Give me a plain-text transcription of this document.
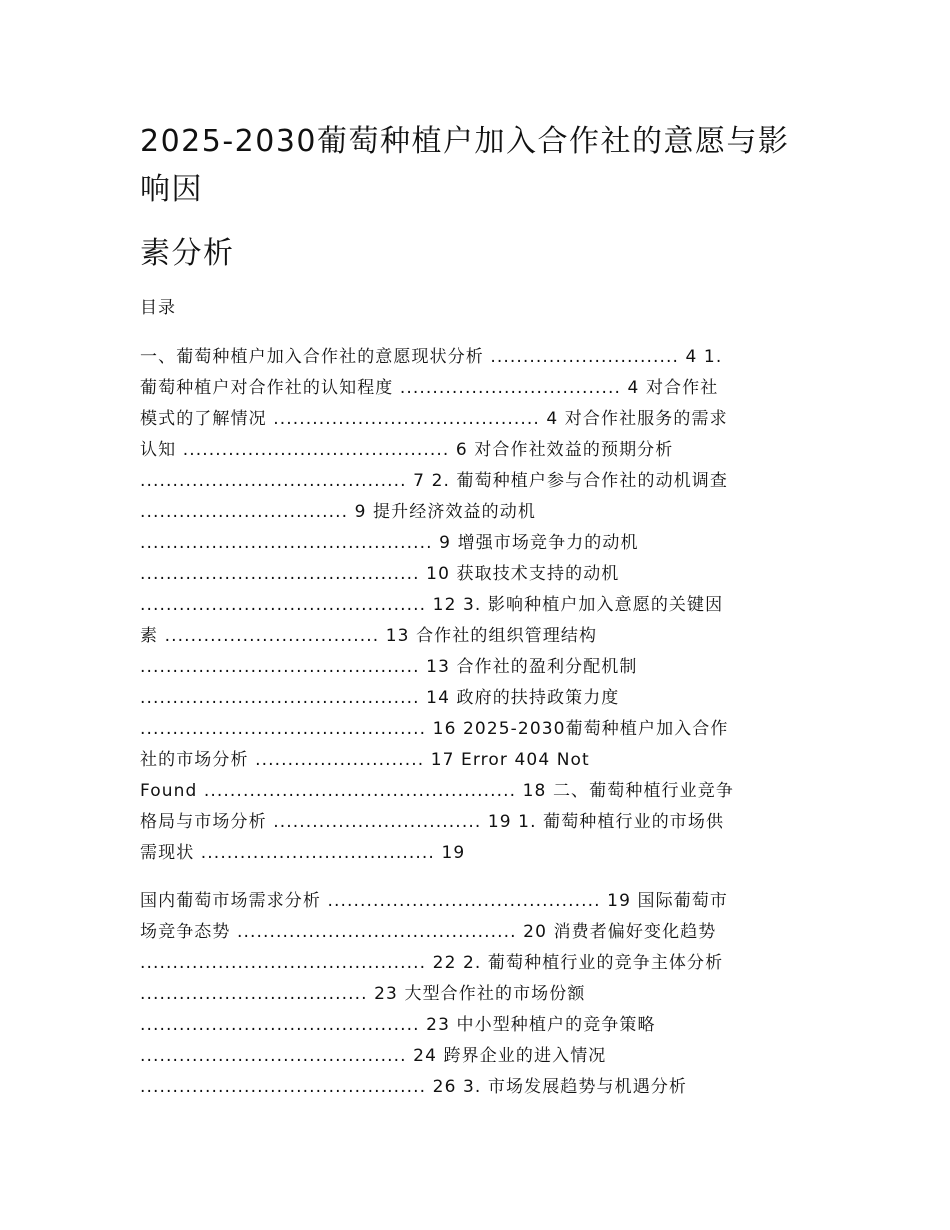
2025-2030葡萄种植户加入合作社的意愿与影
响因
素分析
目录
一、葡萄种植户加入合作社的意愿现状分析 ............................. 4 1.
葡萄种植户对合作社的认知程度 .................................. 4 对合作社
模式的了解情况 ......................................... 4 对合作社服务的需求
认知 ......................................... 6 对合作社效益的预期分析
......................................... 7 2. 葡萄种植户参与合作社的动机调查
................................ 9 提升经济效益的动机
............................................. 9 增强市场竞争力的动机
........................................... 10 获取技术支持的动机
............................................ 12 3. 影响种植户加入意愿的关键因
素 ................................. 13 合作社的组织管理结构
........................................... 13 合作社的盈利分配机制
........................................... 14 政府的扶持政策力度
............................................ 16 2025-2030葡萄种植户加入合作
社的市场分析 .......................... 17 Error 404 Not
Found ................................................ 18 二、葡萄种植行业竞争
格局与市场分析 ................................ 19 1. 葡萄种植行业的市场供
需现状 .................................... 19
国内葡萄市场需求分析 .......................................... 19 国际葡萄市
场竞争态势 ........................................... 20 消费者偏好变化趋势
............................................ 22 2. 葡萄种植行业的竞争主体分析
................................... 23 大型合作社的市场份额
........................................... 23 中小型种植户的竞争策略
......................................... 24 跨界企业的进入情况
............................................ 26 3. 市场发展趋势与机遇分析
